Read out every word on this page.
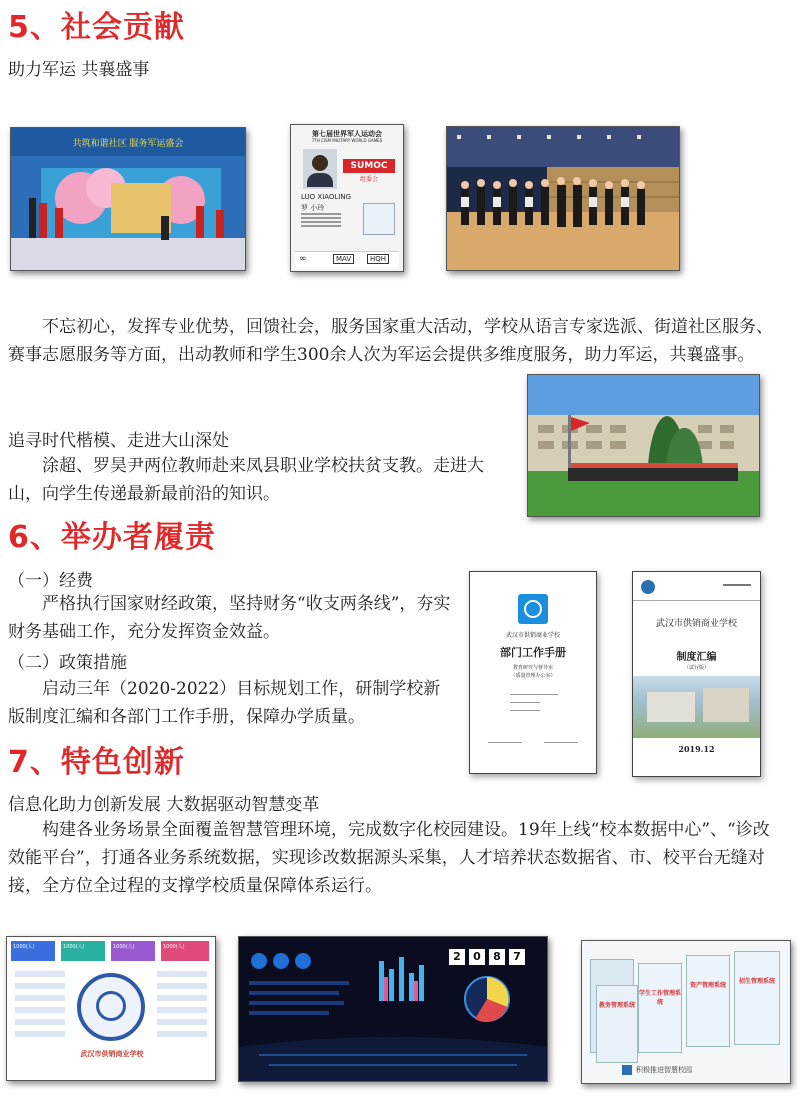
5、社会贡献
助力军运 共襄盛事
共筑和谐社区 服务军运盛会
第七届世界军人运动会
7TH CISM MILITARY WORLD GAMES
SUMOC
组委会
LUO XIAOLING
罗 小玲
∞	MAV	HQH
不忘初心，发挥专业优势，回馈社会，服务国家重大活动，学校从语言专家选派、街道社区服务、赛事志愿服务等方面，出动教师和学生300余人次为军运会提供多维度服务，助力军运，共襄盛事。
追寻时代楷模、走进大山深处
涂超、罗昊尹两位教师赴来凤县职业学校扶贫支教。走进大山，向学生传递最新最前沿的知识。
6、举办者履责
（一）经费
严格执行国家财经政策，坚持财务“收支两条线”，夯实财务基础工作，充分发挥资金效益。
（二）政策措施
启动三年（2020-2022）目标规划工作，研制学校新版制度汇编和各部门工作手册，保障办学质量。
武汉市供销商业学校
部门工作手册
教育研究与督导室
（质量管理办公室）
武汉市供销商业学校
制度汇编
（试行版）
2019.12
7、特色创新
信息化助力创新发展 大数据驱动智慧变革
构建各业务场景全面覆盖智慧管理环境，完成数字化校园建设。19年上线“校本数据中心”、“诊改效能平台”，打通各业务系统数据，实现诊改数据源头采集，人才培养状态数据省、市、校平台无缝对接，全方位全过程的支撑学校质量保障体系运行。
1000(人)	1000(人)	1000(人)	1000(人)
武汉市供销商业学校
2	0	8	7
教务管理系统
学生工作管理系统
资产管理系统
招生管理系统
积极推进智慧校园
